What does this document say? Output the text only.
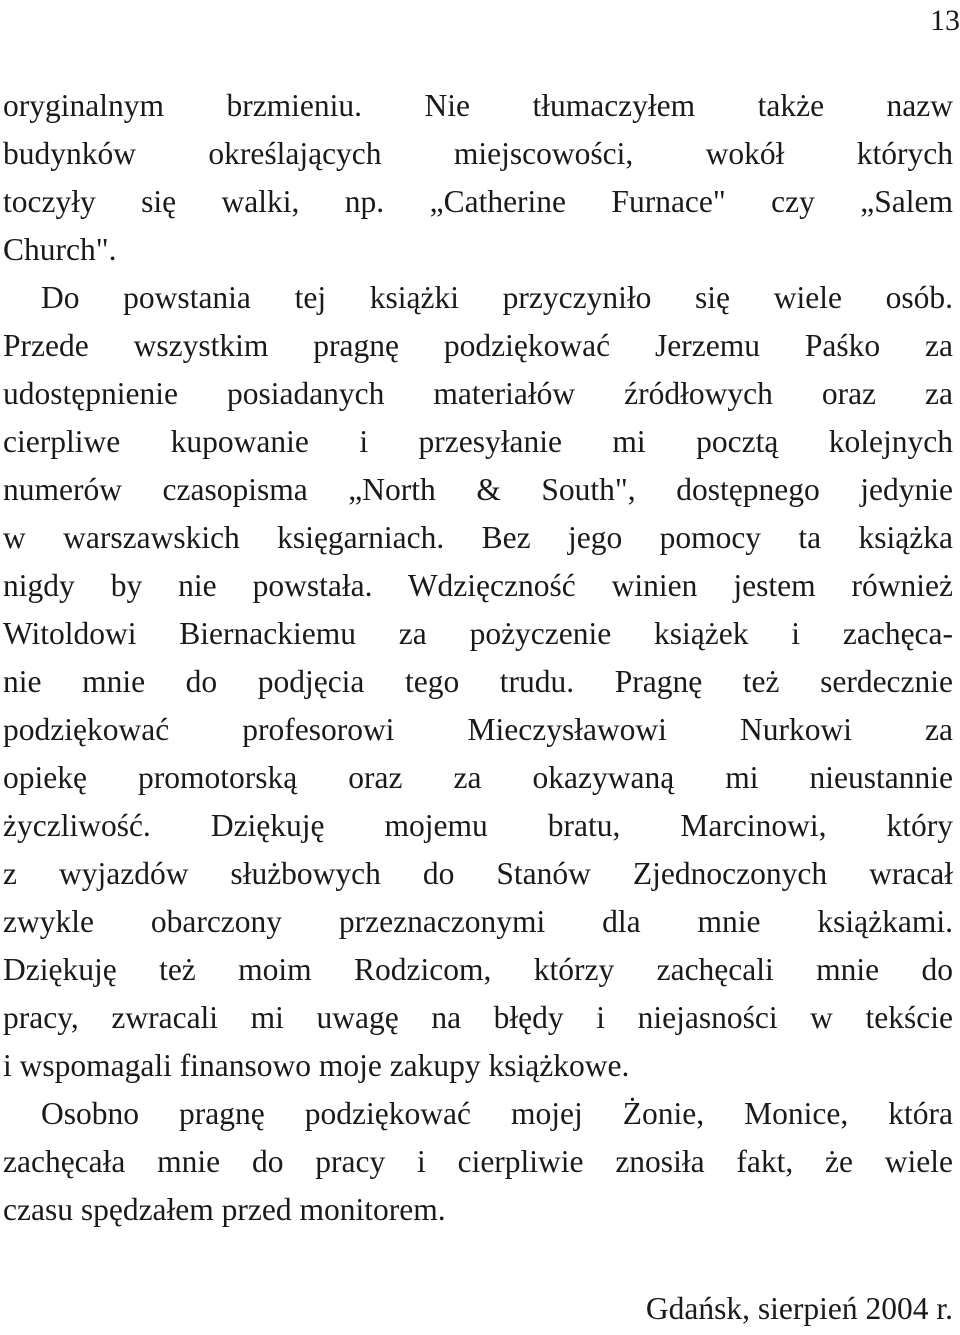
13
oryginalnym brzmieniu. Nie tłumaczyłem także nazw
budynków określających miejscowości, wokół których
toczyły się walki, np. „Catherine Furnace" czy „Salem
Church".
Do powstania tej książki przyczyniło się wiele osób.
Przede wszystkim pragnę podziękować Jerzemu Paśko za
udostępnienie posiadanych materiałów źródłowych oraz za
cierpliwe kupowanie i przesyłanie mi pocztą kolejnych
numerów czasopisma „North & South", dostępnego jedynie
w warszawskich księgarniach. Bez jego pomocy ta książka
nigdy by nie powstała. Wdzięczność winien jestem również
Witoldowi Biernackiemu za pożyczenie książek i zachęca-
nie mnie do podjęcia tego trudu. Pragnę też serdecznie
podziękować profesorowi Mieczysławowi Nurkowi za
opiekę promotorską oraz za okazywaną mi nieustannie
życzliwość. Dziękuję mojemu bratu, Marcinowi, który
z wyjazdów służbowych do Stanów Zjednoczonych wracał
zwykle obarczony przeznaczonymi dla mnie książkami.
Dziękuję też moim Rodzicom, którzy zachęcali mnie do
pracy, zwracali mi uwagę na błędy i niejasności w tekście
i wspomagali finansowo moje zakupy książkowe.
Osobno pragnę podziękować mojej Żonie, Monice, która
zachęcała mnie do pracy i cierpliwie znosiła fakt, że wiele
czasu spędzałem przed monitorem.
Gdańsk, sierpień 2004 r.
